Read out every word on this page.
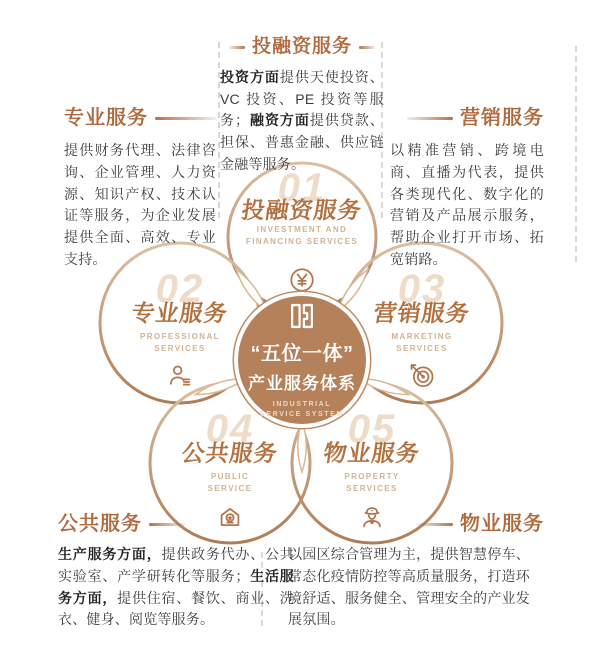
01
投融资服务
INVESTMENT AND
FINANCING SERVICES
02
专业服务
PROFESSIONAL
SERVICES
03
营销服务
MARKETING
SERVICES
04
公共服务
PUBLIC
SERVICE
05
物业服务
PROPERTY
SERVICES
“五位一体”
产业服务体系
INDUSTRIAL
SERVICE SYSTEM
投融资服务

投资方面提供天使投资、VC 投资、PE 投资等服务；融资方面提供贷款、担保、普惠金融、供应链金融等服务。

专业服务

提供财务代理、法律咨询、企业管理、人力资源、知识产权、技术认证等服务，为企业发展提供全面、高效、专业支持。

营销服务

以精准营销、跨境电商、直播为代表，提供各类现代化、数字化的营销及产品展示服务，帮助企业打开市场、拓宽销路。

公共服务

生产服务方面，提供政务代办、公共实验室、产学研转化等服务；生活服务方面，提供住宿、餐饮、商业、洗衣、健身、阅览等服务。

物业服务

以园区综合管理为主，提供智慧停车、常态化疫情防控等高质量服务，打造环境舒适、服务健全、管理安全的产业发展氛围。
